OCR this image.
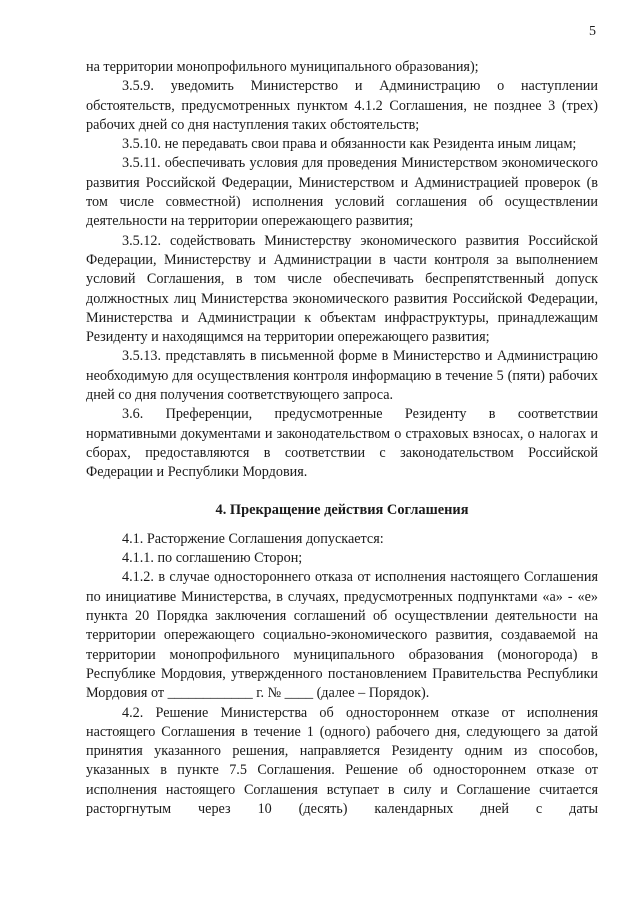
5

на территории монопрофильного муниципального образования);

3.5.9. уведомить Министерство и Администрацию о наступлении обстоятельств, предусмотренных пунктом 4.1.2 Соглашения, не позднее 3 (трех) рабочих дней со дня наступления таких обстоятельств;

3.5.10. не передавать свои права и обязанности как Резидента иным лицам;

3.5.11. обеспечивать условия для проведения Министерством экономического развития Российской Федерации, Министерством и Администрацией проверок (в том числе совместной) исполнения условий соглашения об осуществлении деятельности на территории опережающего развития;

3.5.12. содействовать Министерству экономического развития Российской Федерации, Министерству и Администрации в части контроля за выполнением условий Соглашения, в том числе обеспечивать беспрепятственный допуск должностных лиц Министерства экономического развития Российской Федерации, Министерства и Администрации к объектам инфраструктуры, принадлежащим Резиденту и находящимся на территории опережающего развития;

3.5.13. представлять в письменной форме в Министерство и Администрацию необходимую для осуществления контроля информацию в течение 5 (пяти) рабочих дней со дня получения соответствующего запроса.

3.6. Преференции, предусмотренные Резиденту в соответствии нормативными документами и законодательством о страховых взносах, о налогах и сборах, предоставляются в соответствии с законодательством Российской Федерации и Республики Мордовия.

4. Прекращение действия Соглашения

4.1. Расторжение Соглашения допускается:

4.1.1. по соглашению Сторон;

4.1.2. в случае одностороннего отказа от исполнения настоящего Соглашения по инициативе Министерства, в случаях, предусмотренных подпунктами «а» - «е» пункта 20 Порядка заключения соглашений об осуществлении деятельности на территории опережающего социально-экономического развития, создаваемой на территории монопрофильного муниципального образования (моногорода) в Республике Мордовия, утвержденного постановлением Правительства Республики Мордовия от ____________ г. № ____ (далее – Порядок).

4.2. Решение Министерства об одностороннем отказе от исполнения настоящего Соглашения в течение 1 (одного) рабочего дня, следующего за датой принятия указанного решения, направляется Резиденту одним из способов, указанных в пункте 7.5 Соглашения. Решение об одностороннем отказе от исполнения настоящего Соглашения вступает в силу и Соглашение считается расторгнутым через 10 (десять) календарных дней с даты
